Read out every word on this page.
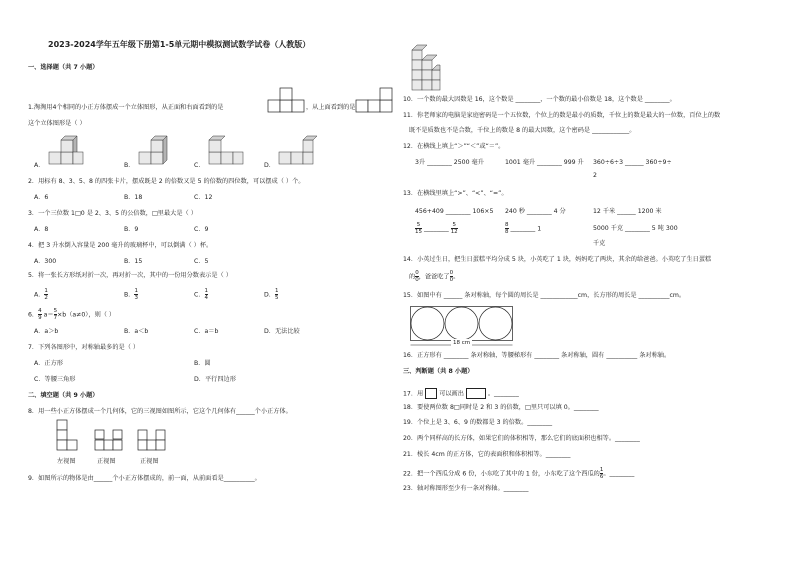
2023-2024学年五年级下册第1-5单元期中模拟测试数学试卷（人教版）
一、选择题（共 7 小题）
1.淘淘用4个相同的小正方体摆成一个立体图形，从正面和右面看到的是	，从上面看到的是
这个立体图形是（ ）
A．	B．	C．	D．
2．用标有 8、3、5、8 的四张卡片，摆成既是 2 的倍数又是 5 的倍数的四位数，可以摆成（ ）个。
A．6	B．18	C．12
3．一个三位数 1□0 是 2、3、5 的公倍数，□里最大是（ ）
A．8	B．9	C．9
4．把 3 升水倒入容量是 200 毫升的玻璃杯中，可以倒满（ ）杯。
A．300	B．15	C．5
5．将一张长方形纸对折一次，再对折一次，其中的一份用分数表示是（ ）
A． $\frac{1}{2}$	B． $\frac{1}{3}$	C． $\frac{1}{4}$	D． $\frac{1}{5}$
6． $\frac{4}{9} a= \frac{5}{7} \times b(a\ne 0)$，则（ ）
A．a＞b	B．a＜b	C．a＝b	D．无法比较
7．下列各图形中，对称轴最多的是（ ）
A．正方形	B．圆
C．等腰三角形	D．平行四边形
二、填空题（共 9 小题）
8．用一些小正方体摆成一个几何体，它的三视图如图所示，它这个几何体有______个小正方体。
左视图	正视图	正视图
9．如图所示的物体是由______个小正方体摆成的，前一面，从前面看是__________。
10．一个数的最大因数是 16，这个数是 ________，一个数的最小倍数是 18，这个数是 ________。
11．你老师家的电脑是家庭密码是一个五位数，个位上的数是最小的质数，千位上的数是最大的一位数，百位上的数
既不是质数也不是合数，千位上的数是 8 的最大因数，这个密码是 ____________。
12．在横线上填上“＞”“＜”或“＝”。
3升 ________ 2500 毫升	1001 毫升 ________ 999 升 360÷6÷3 ______ 360÷9÷
2
13．在横线里填上“>”、“<”、“=”。
456+409 ________ 106×5 240 秒 ________ 4 分	12 千米 ______ 1200 米
$\frac{5}{15}$ ________ $\frac{5}{12}$	$\frac{8}{8}$ ________ 1	5000 千克 ________ 5 吨 300
千克
14．小英过生日，把生日蛋糕平均分成 5 块，小英吃了 1 块，妈妈吃了两块，其余的给爸爸。小英吃了生日蛋糕
的 $\frac{0}{0}$ ，爸爸吃了 $\frac{0}{0}$ 。
15．如图中有 ______ 条对称轴，每个圆的周长是 ____________cm，长方形的周长是 __________cm。
18 cm
16．正方形有 ________ 条对称轴，等腰梯形有 ________ 条对称轴，圆有 __________ 条对称轴。
三、判断题（共 8 小题）
17．用	可以画出	。________
18．要使两位数 8□同时是 2 和 3 的倍数，□里只可以填 0。________
19．个位上是 3、6、9 的数都是 3 的倍数。________
20．两个同样高的长方体，如果它们的体积相等，那么它们的底面积也相等。________
21．棱长 4cm 的正方体，它的表面积和体积相等。________
22．把一个西瓜分成 6 份，小东吃了其中的 1 份，小东吃了这个西瓜的 $\frac{1}{6}$ 。________
23．轴对称图形至少有一条对称轴。________
